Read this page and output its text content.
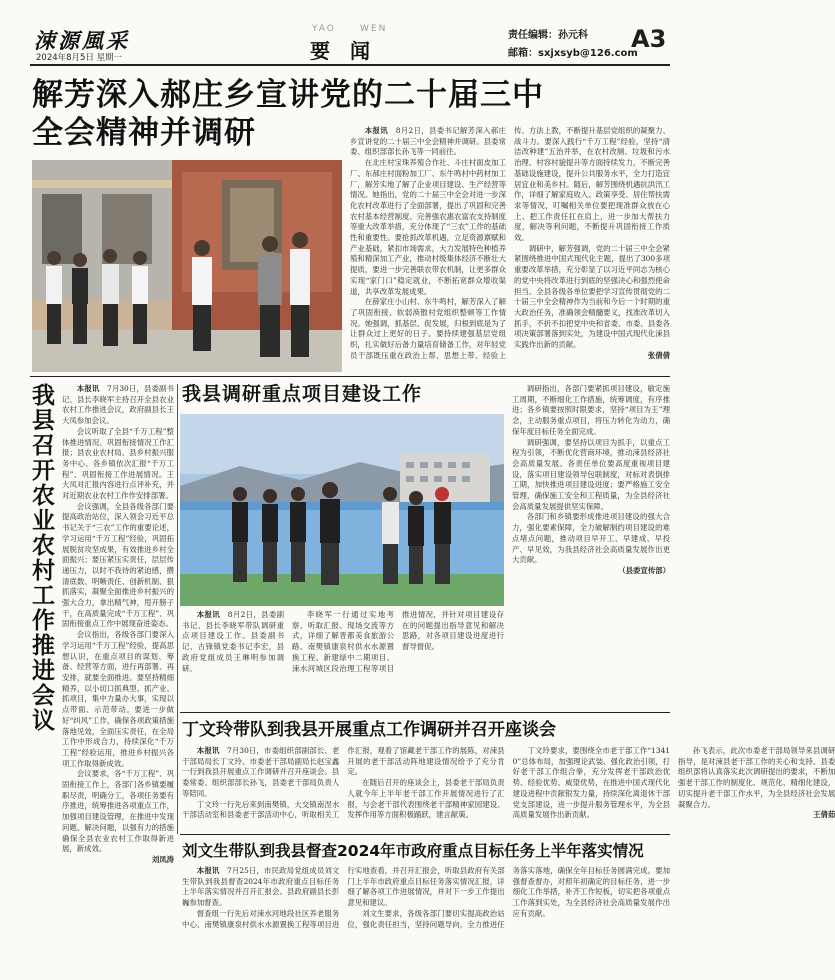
涑源風采
2024年8月5日 星期一
YAO	WEN
要　闻
责任编辑：孙元科
邮箱：sxjxsyb@126.com
A3
解芳深入郝庄乡宣讲党的二十届三中
全会精神并调研	本报讯　 8月2日，县委书记解芳深入郝庄乡宣讲党的二十届三中全会精神并调研。县委常委、组织部部长孙飞等一同前往。

在北庄村宝珠养殖合作社、斗庄村面皮加工厂、东郝庄村面粉加工厂、东牛鸣村中药材加工厂，解芳实地了解了企业项目建设、生产经营等情况。她指出，党的二十届三中全会对进一步深化农村改革进行了全面部署，提出了巩固和完善农村基本经营制度、完善强农惠农富农支持制度等重大改革举措，充分体现了“三农”工作的基础性和重要性。要抢抓改革机遇，立足资源禀赋和产业基础，紧扣市场需求，大力发展特色种植养殖和精深加工产业，推动村级集体经济不断壮大提质，要进一步完善联农带农机制，让更多群众实现“家门口”稳定就业，不断拓宽群众增收渠道，共享改革发展成果。

在薛家庄小山村、东牛鸣村，解芳深入了解了巩固衔接、软弱涣散村党组织整顿等工作情况。她强调，抓基层、促发展，归根到底是为了让群众过上更好的日子。要持续建强基层党组织，扎实做好后备力量培育储备工作，对年轻党员干部既压重在政治上帮、思想上带、经验上传、方法上教，不断提升基层党组织的凝聚力、战斗力。要深入践行“千万工程”经验，坚持“清洁改种建”五治并举，在农村改厕、垃圾和污水治理、村容村貌提升等方面持续发力，不断完善基础设施建设，提升公共服务水平，全力打造宜居宜业和美乡村。随后，解芳围绕机遇抗洪汛工作，详细了解家庭收入、政策享受、居住帮扶需求等情况，叮嘱相关单位要把现准群众放在心上、把工作责任扛在肩上，进一步加大帮扶力度，解决等利问题，不断提升巩固衔接工作质效。

调研中，解芳强调，党的二十届三中全会紧紧围绕推进中国式现代化主题，提出了300多项重要改革举措，充分彰显了以习近平同志为核心的党中央将改革进行到底的坚强决心和强烈使命担当。全县各级各单位要把学习宣传贯彻党的二十届三中全会精神作为当前和今后一个时期的重大政治任务，准确领会精髓要义，找准改革切入抓手，不折不扣把党中央和省委、市委、县委各项决策部署落到实处，为建设中国式现代化涑县实践作出新的贡献。

张倩倩
我县召开农业农村工作推进会议

本报讯　 7月30日，县委副书记、县长李晓军主持召开全县农业农村工作推进会议，政府副县长王大凤参加会议。

会议听取了全县“千万工程”整体推进情况、巩固衔接情况工作汇报；县农业农村局、县乡村振兴服务中心、各乡镇依次汇报“千万工程”、巩固衔接工作进展情况。王大凤对汇报内容进行点评补充，并对近期农业农村工作作安排部署。

会议强调，全县各级各部门要提高政治站位，深入领会习近平总书记关于“三农”工作的重要论述，学习运用“千万工程”经验，巩固拓展脱贫攻坚成果，有效推进乡村全面振兴；要压紧压实责任，层层传递压力，以时不我待的紧迫感，攒清底数、明晰责任、创新机制、狠抓落实，凝聚全面推进乡村振兴的强大合力，拿出精气神，甩开膀子干，在高质量完成“千万工程”、巩固衔接重点工作中展现奋进姿态。

会议指出，各级各部门要深入学习运用“千万工程”经验，提高思想认识，在重点项目的谋划、筹备、经营等方面，进行再部署、再安排，就要全面推进。要坚持精细精养，以小切口抓典型、抓产业、抓项目，集中力量办大事，实现以点带面、示范带动。要进一步做好“纠风”工作，确保各项政策措施落地见效，全面压实责任，在全局工作中形成合力，持续深化“千万工程”经验运用，推进乡村振兴各项工作取得新成效。

会议要求，各“千万工程”、巩固衔接工作上，各部门各乡镇要履职尽责，明确分工，各项任务要有序推进，统筹推进各项重点工作，加强项目建设管理，在推进中发现问题、解决问题，以强有力的措施确保全县农业农村工作取得新进展，新成效。

刘凤涛
我县调研重点项目建设工作

本报讯　 8月2日，县委副书记、县长李晓军带队调研重点项目建设工作。县委副书记、古锋镇党委书记李宏，县政府党组成员王琳明参加调研。

李晓军一行通过实地考察、听取汇报、现场交流等方式，详细了解晋都美食旅游公路、南樊镇康泉村供水水源置换工程、新建绿中二期项目、涑水河城区段治理工程等项目推进情况，并针对项目建设存在的问题提出指导意见和解决思路，对各项目建设进度进行督导督促。

调研指出，各部门要紧抓项目建设，敏定施工周期，不断细化工作措施，统筹调度，有序推进；各乡镇要按照时限要求，坚持“项目为王”理念，主动服务重点项目，将压力转化为动力，确保年度目标任务全面完成。

调研强调，要坚持以项目为抓手，以重点工程为引领，不断优化营商环境，推动涑县经济社会高质量发展。各责任单位要高度重视项目建设，落实项目建设领导包联制度，对标对表倒排工期，加快推进项目建设进度；要严格施工安全管理，确保施工安全和工程质量，为全县经济社会高质量发展提供坚实保障。

各部门和乡镇要形成推进项目建设的强大合力，强化要素保障，全力破解制约项目建设的难点堵点问题，推动项目早开工、早建成、早投产、早见效，为我县经济社会高质量发展作出更大贡献。

（县委宣传部）
丁文玲带队到我县开展重点工作调研并召开座谈会

本报讯　 7月30日，市委组织部副部长、老干部局局长丁文玲、市委老干部局副局长赵宝鑫一行到我县开展重点工作调研并召开座谈会。县委常委、组织部部长孙飞，县委老干部局负责人等陪同。

丁文玲一行先后来到南樊镇，大交镇南涅水干部活动室和县委老干部活动中心，听取相关工作汇报，观看了馆藏老干部工作的展陈，对涑县开展的老干部活动阵地建设情况给予了充分肯定。

在随后召开的座谈会上，县委老干部局负责人就今年上半年老干部工作开展情况进行了汇报，与会老干部代表围绕老干部精神家园建设、发挥作用等方面积极踊跃，建言献策。

丁文玲要求，要围绕全市老干部工作“13410”总体布局，加强理论武装、强化政治引领，打好老干部工作组合拳，充分发挥老干部政治优势、经验优势、威望优势，在推进中国式现代化建设进程中贡献银发力量，持续深化离退休干部党支部建设，进一步提升服务管理水平，为全县高质量发展作出新贡献。

孙飞表示，此次市委老干部局领导来县调研指导，是对涑县老干部工作的关心和支持。县委组织部将认真落实此次调研提出的要求，不断加强老干部工作的制度化、规范化、精细化建设，切实提升老干部工作水平，为全县经济社会发展凝聚合力。

王倩茹
刘文生带队到我县督查2024年市政府重点目标任务上半年落实情况

本报讯　 7月25日，市民政局党组成员刘文生带队到我县督查2024年市政府重点目标任务上半年落实情况并召开汇报会。县政府副县长彭巍参加督查。

督查组一行先后对涑水河地段社区养老服务中心、南樊镇康泉村供水水源置换工程等项目进行实地查看，并召开汇报会，听取县政府有关部门上半年市政府重点目标任务落实情况汇报，详细了解各项工作进展情况，并对下一步工作提出意见和建议。

刘文生要求，各级各部门要切实提高政治站位，强化责任担当，坚持问题导向，全力推进任务落实落地，确保全年目标任务圆满完成。要加强督查督办，对照年初确定的目标任务，进一步细化工作举措，补齐工作短板，切实把各项重点工作落到实处，为全县经济社会高质量发展作出应有贡献。
